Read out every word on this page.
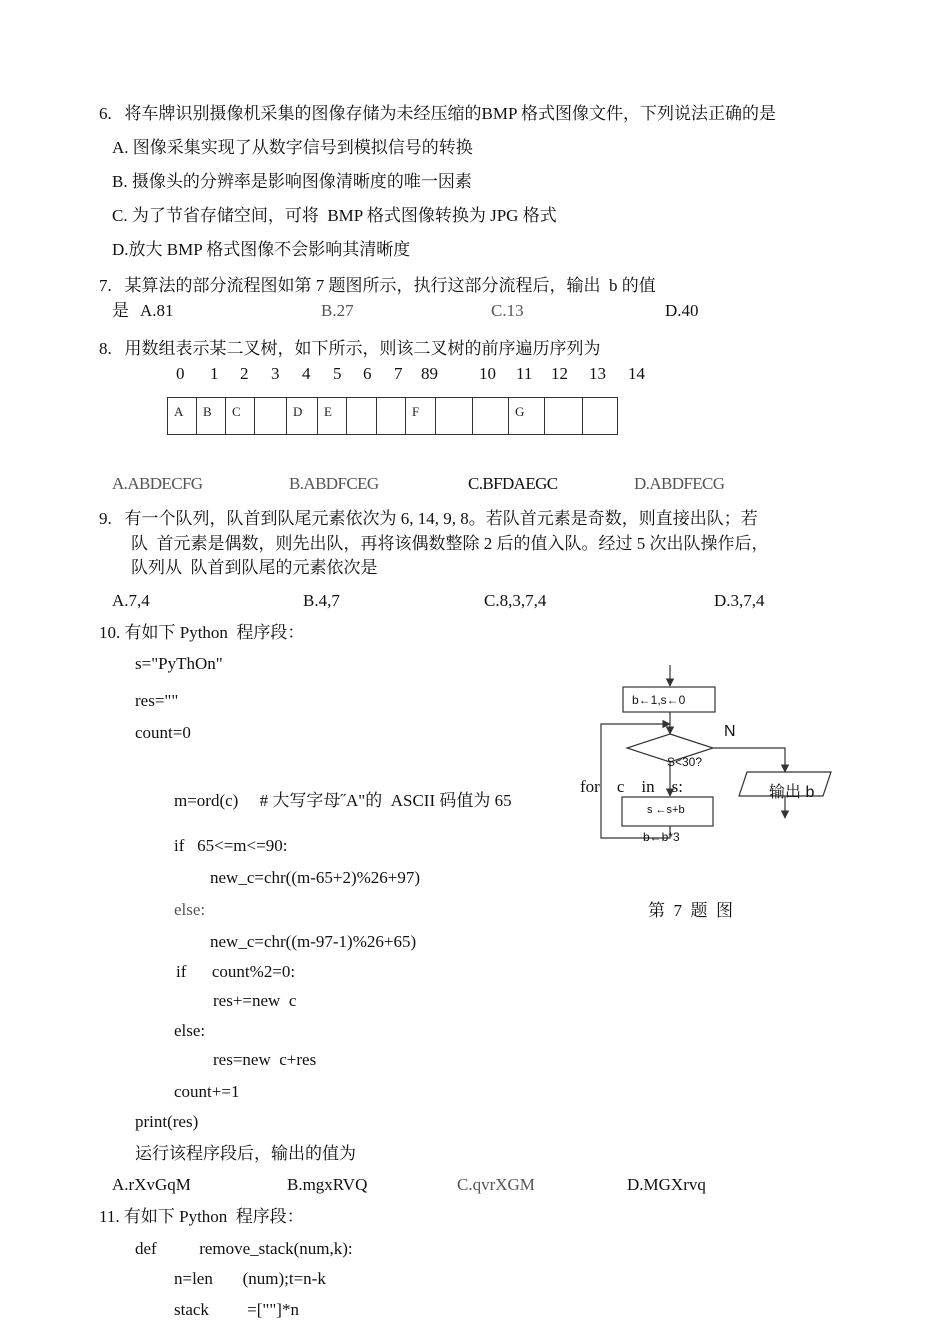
6.   将车牌识别摄像机采集的图像存储为未经压缩的BMP 格式图像文件，下列说法正确的是
A. 图像采集实现了从数字信号到模拟信号的转换
B. 摄像头的分辨率是影响图像清晰度的唯一因素
C. 为了节省存储空间，可将  BMP 格式图像转换为 JPG 格式
D.放大 BMP 格式图像不会影响其清晰度
7.   某算法的部分流程图如第 7 题图所示，执行这部分流程后，输出  b 的值
是 A.81	B.27	C.13	D.40
8.   用数组表示某二叉树，如下所示，则该二叉树的前序遍历序列为
0 1 2 3 4 5 6 7 89 10 11 12 13 14
A	B	C		D	E			F			G		
A.ABDECFG	B.ABDFCEG	C.BFDAEGC	D.ABDFECG
9.   有一个队列，队首到队尾元素依次为 6, 14, 9, 8。若队首元素是奇数，则直接出队；若
队  首元素是偶数，则先出队，再将该偶数整除 2 后的值入队。经过 5 次出队操作后，
队列从  队首到队尾的元素依次是
A.7,4	B.4,7	C.8,3,7,4	D.3,7,4
10. 有如下 Python  程序段：
s="PyThOn"
res=""
count=0
for    c    in    s:
m=ord(c)     # 大写字母˝A"的  ASCII 码值为 65
if   65<=m<=90:
new_c=chr((m-65+2)%26+97)
else:
new_c=chr((m-97-1)%26+65)
if      count%2=0:
res+=new  c
else:
res=new  c+res
count+=1
print(res)
运行该程序段后，输出的值为
A.rXvGqM	B.mgxRVQ	C.qvrXGM	D.MGXrvq
b←1,s←0
S<30?
N
输出 b
s ←s+b
b←b*3
第  7  题  图
11. 有如下 Python  程序段：
def          remove_stack(num,k):
n=len       (num);t=n-k
stack         =[""]*n
